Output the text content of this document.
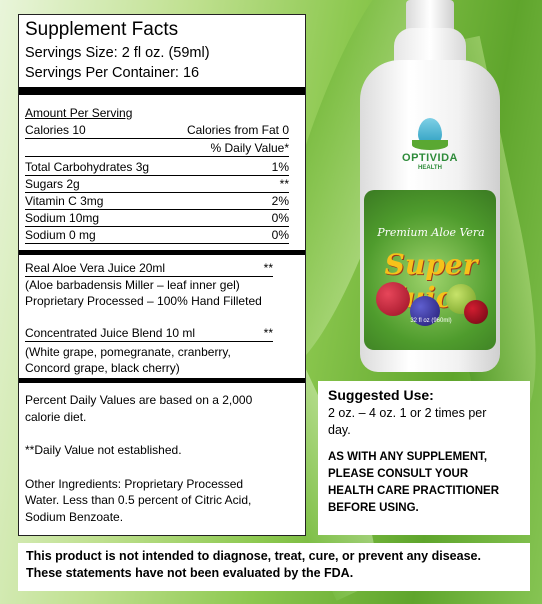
Supplement Facts
Servings Size: 2 fl oz. (59ml)
Servings Per Container: 16
Amount Per Serving
Calories 10	Calories from Fat 0
% Daily Value*
Total Carbohydrates 3g	1%
Sugars 2g	**
Vitamin C 3mg	2%
Sodium 10mg	0%
Sodium 0 mg	0%
Real Aloe Vera Juice 20ml	**
(Aloe barbadensis Miller – leaf inner gel)
Proprietary Processed – 100% Hand Filleted
Concentrated Juice Blend 10 ml	**
(White grape, pomegranate, cranberry,
Concord grape, black cherry)
Percent Daily Values are based on a 2,000
calorie diet.
**Daily Value not established.
Other Ingredients: Proprietary Processed
Water. Less than 0.5 percent of Citric Acid,
Sodium Benzoate.
OPTIVIDA
HEALTH
Premium Aloe Vera
Super
32 fl oz (960ml)
Suggested Use:
2 oz. – 4 oz. 1 or 2 times per
day.
AS WITH ANY SUPPLEMENT,
PLEASE CONSULT YOUR
HEALTH CARE PRACTITIONER
BEFORE USING.
This product is not intended to diagnose, treat, cure, or prevent any disease.
These statements have not been evaluated by the FDA.
